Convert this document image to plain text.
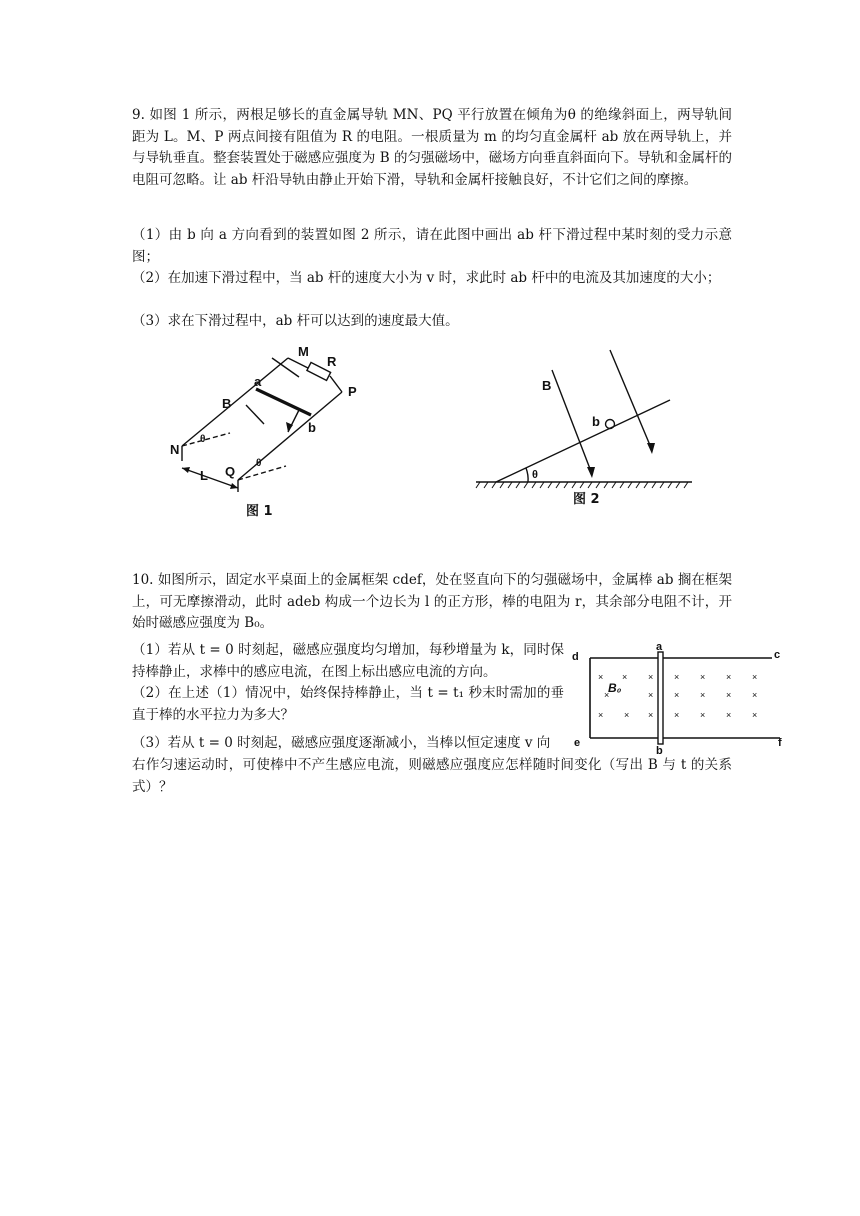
9. 如图 1 所示，两根足够长的直金属导轨 MN、PQ 平行放置在倾角为θ 的绝缘斜面上，两导轨间距为 L。M、P 两点间接有阻值为 R 的电阻。一根质量为 m 的均匀直金属杆 ab 放在两导轨上，并与导轨垂直。整套装置处于磁感应强度为 B 的匀强磁场中，磁场方向垂直斜面向下。导轨和金属杆的电阻可忽略。让 ab 杆沿导轨由静止开始下滑，导轨和金属杆接触良好，不计它们之间的摩擦。

（1）由 b 向 a 方向看到的装置如图 2 所示，请在此图中画出 ab 杆下滑过程中某时刻的受力示意图；

（2）在加速下滑过程中，当 ab 杆的速度大小为 v 时，求此时 ab 杆中的电流及其加速度的大小；

（3）求在下滑过程中，ab 杆可以达到的速度最大值。

M
R
P
a
B
b
N
Q
L
θ
θ
图 1
B
b
θ
图 2

10. 如图所示，固定水平桌面上的金属框架 cdef，处在竖直向下的匀强磁场中，金属棒 ab 搁在框架上，可无摩擦滑动，此时 adeb 构成一个边长为 l 的正方形，棒的电阻为 r，其余部分电阻不计，开始时磁感应强度为 B₀。

（1）若从 t = 0 时刻起，磁感应强度均匀增加，每秒增量为 k，同时保持棒静止，求棒中的感应电流，在图上标出感应电流的方向。

（2）在上述（1）情况中，始终保持棒静止，当 t = t₁ 秒末时需加的垂直于棒的水平拉力为多大？

（3）若从 t = 0 时刻起，磁感应强度逐渐减小，当棒以恒定速度 v 向

右作匀速运动时，可使棒中不产生感应电流，则磁感应强度应怎样随时间变化（写出 B 与 t 的关系式）？

× × ×
×	×
× × ×
× × × ×
× × × ×
× × × ×
d
a
c
e
b
f
B₀
